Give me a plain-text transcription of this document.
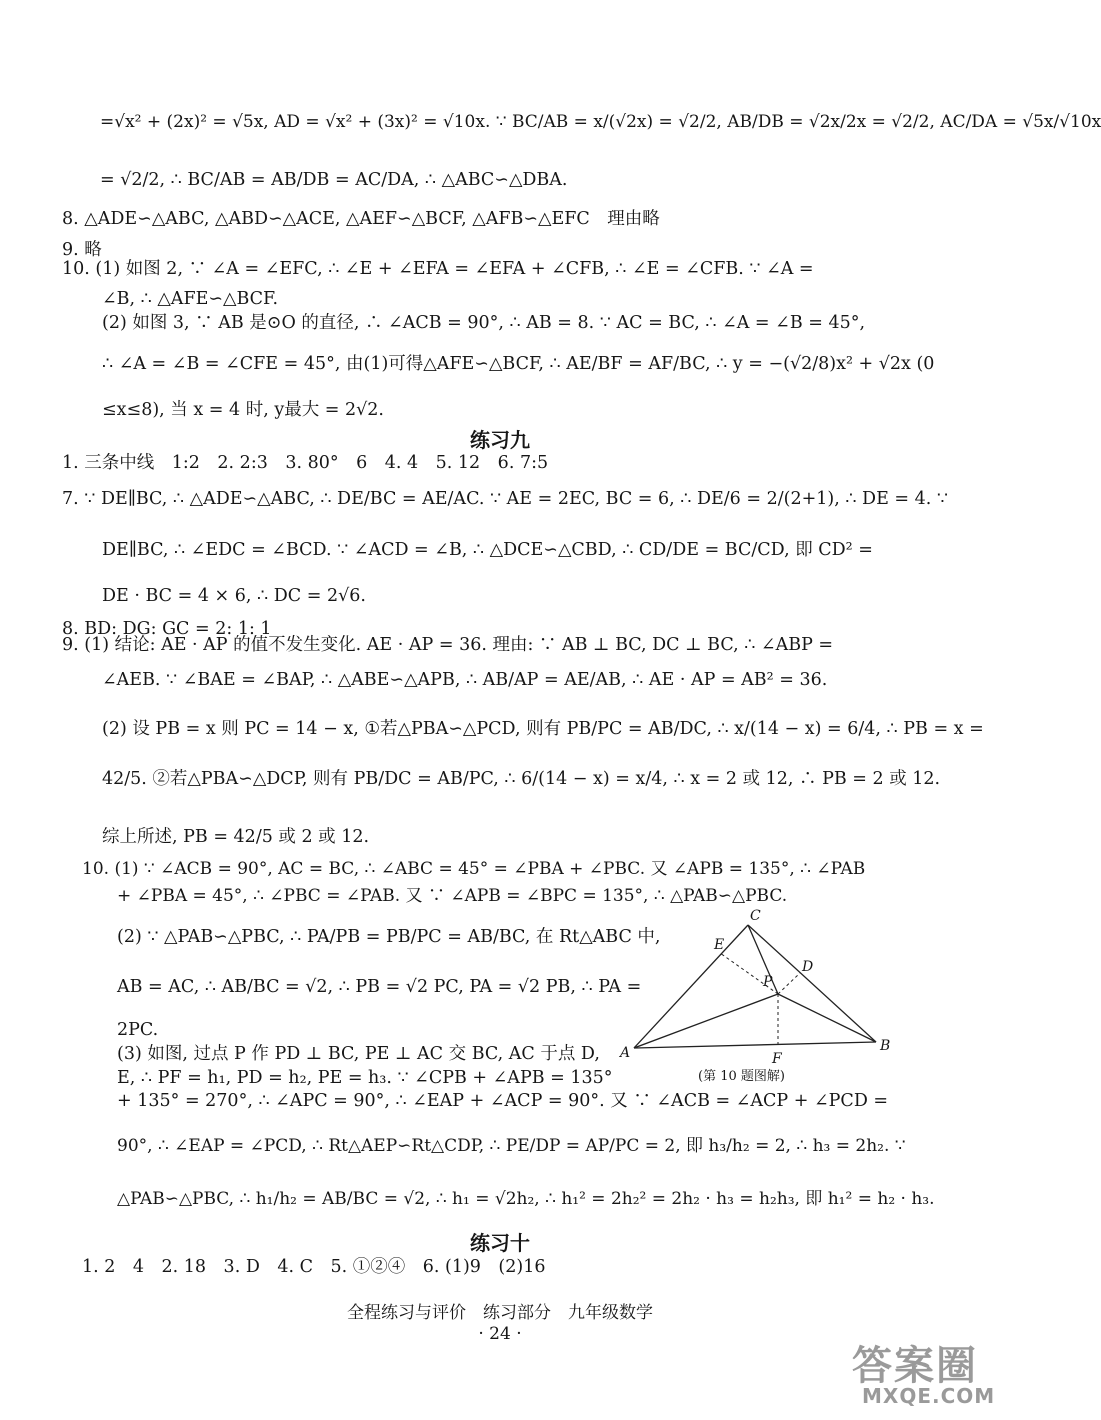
=√x² + (2x)² = √5x, AD = √x² + (3x)² = √10x. ∵ BC/AB = x/(√2x) = √2/2, AB/DB = √2x/2x = √2/2, AC/DA = √5x/√10x
= √2/2, ∴ BC/AB = AB/DB = AC/DA, ∴ △ABC∽△DBA.
8. △ADE∽△ABC, △ABD∽△ACE, △AEF∽△BCF, △AFB∽△EFC　理由略
9. 略
10. (1) 如图 2, ∵ ∠A = ∠EFC, ∴ ∠E + ∠EFA = ∠EFA + ∠CFB, ∴ ∠E = ∠CFB. ∵ ∠A =
∠B, ∴ △AFE∽△BCF.
(2) 如图 3, ∵ AB 是⊙O 的直径, ∴ ∠ACB = 90°, ∴ AB = 8. ∵ AC = BC, ∴ ∠A = ∠B = 45°,
∴ ∠A = ∠B = ∠CFE = 45°, 由(1)可得△AFE∽△BCF, ∴ AE/BF = AF/BC, ∴ y = −(√2/8)x² + √2x (0
≤x≤8), 当 x = 4 时, y最大 = 2√2.
练习九
1. 三条中线　1:2　2. 2:3　3. 80°　6　4. 4　5. 12　6. 7:5
7. ∵ DE∥BC, ∴ △ADE∽△ABC, ∴ DE/BC = AE/AC. ∵ AE = 2EC, BC = 6, ∴ DE/6 = 2/(2+1), ∴ DE = 4. ∵
DE∥BC, ∴ ∠EDC = ∠BCD. ∵ ∠ACD = ∠B, ∴ △DCE∽△CBD, ∴ CD/DE = BC/CD, 即 CD² =
DE · BC = 4 × 6, ∴ DC = 2√6.
8. BD: DG: GC = 2: 1: 1
9. (1) 结论: AE · AP 的值不发生变化. AE · AP = 36. 理由: ∵ AB ⊥ BC, DC ⊥ BC, ∴ ∠ABP =
∠AEB. ∵ ∠BAE = ∠BAP, ∴ △ABE∽△APB, ∴ AB/AP = AE/AB, ∴ AE · AP = AB² = 36.
(2) 设 PB = x 则 PC = 14 − x, ①若△PBA∽△PCD, 则有 PB/PC = AB/DC, ∴ x/(14 − x) = 6/4, ∴ PB = x =
42/5. ②若△PBA∽△DCP, 则有 PB/DC = AB/PC, ∴ 6/(14 − x) = x/4, ∴ x = 2 或 12, ∴ PB = 2 或 12.
综上所述, PB = 42/5 或 2 或 12.
10. (1) ∵ ∠ACB = 90°, AC = BC, ∴ ∠ABC = 45° = ∠PBA + ∠PBC. 又 ∠APB = 135°, ∴ ∠PAB
+ ∠PBA = 45°, ∴ ∠PBC = ∠PAB. 又 ∵ ∠APB = ∠BPC = 135°, ∴ △PAB∽△PBC.
(2) ∵ △PAB∽△PBC, ∴ PA/PB = PB/PC = AB/BC, 在 Rt△ABC 中,
AB = AC, ∴ AB/BC = √2, ∴ PB = √2 PC, PA = √2 PB, ∴ PA =
2PC.
(3) 如图, 过点 P 作 PD ⊥ BC, PE ⊥ AC 交 BC, AC 于点 D,
E, ∴ PF = h₁, PD = h₂, PE = h₃. ∵ ∠CPB + ∠APB = 135°
+ 135° = 270°, ∴ ∠APC = 90°, ∴ ∠EAP + ∠ACP = 90°. 又 ∵ ∠ACB = ∠ACP + ∠PCD =
90°, ∴ ∠EAP = ∠PCD, ∴ Rt△AEP∽Rt△CDP, ∴ PE/DP = AP/PC = 2, 即 h₃/h₂ = 2, ∴ h₃ = 2h₂. ∵
△PAB∽△PBC, ∴ h₁/h₂ = AB/BC = √2, ∴ h₁ = √2h₂, ∴ h₁² = 2h₂² = 2h₂ · h₃ = h₂h₃, 即 h₁² = h₂ · h₃.
练习十
1. 2　4　2. 18　3. D　4. C　5. ①②④　6. (1)9　(2)16
A	B
C
D
E
F
P
(第 10 题图解)
全程练习与评价　练习部分　九年级数学
· 24 ·
答案圈
MXQE.COM
